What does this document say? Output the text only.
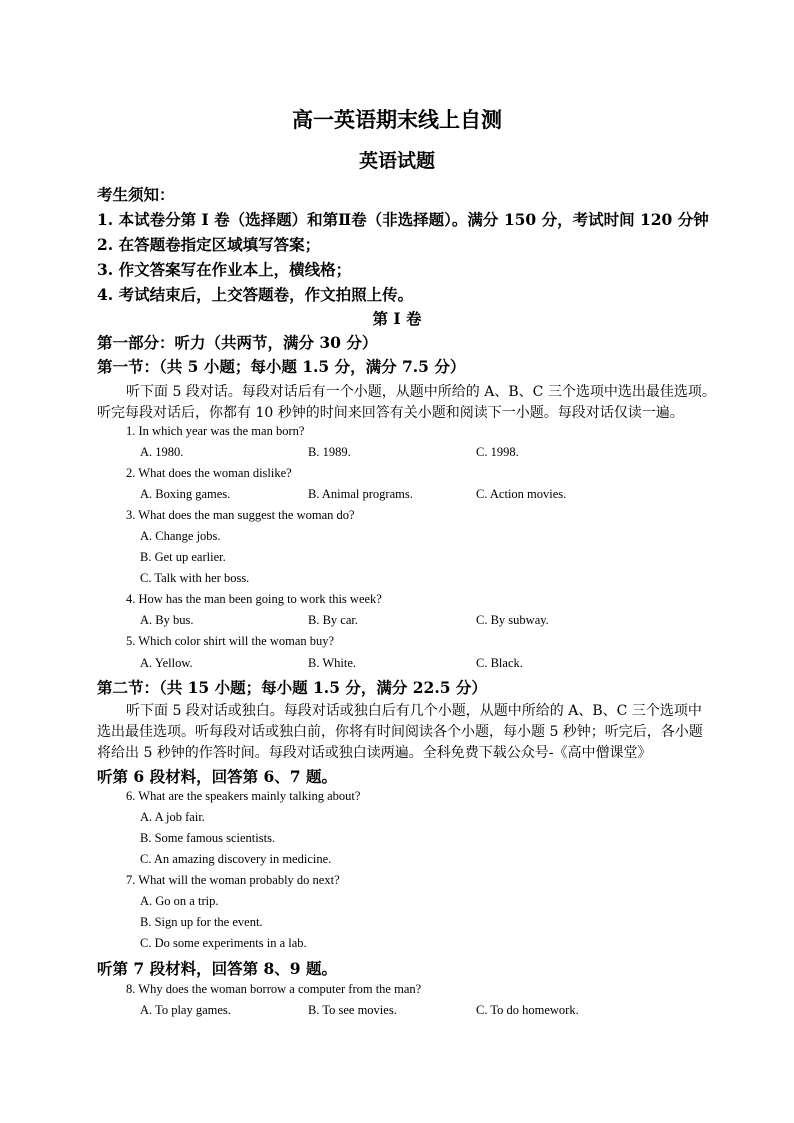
高一英语期末线上自测
英语试题
考生须知：
1. 本试卷分第 I 卷（选择题）和第Ⅱ卷（非选择题）。满分 150 分，考试时间 120 分钟
2. 在答题卷指定区域填写答案；
3. 作文答案写在作业本上，横线格；
4. 考试结束后，上交答题卷，作文拍照上传。
第 I 卷
第一部分：听力（共两节，满分 30 分）
第一节：（共 5 小题；每小题 1.5 分，满分 7.5 分）
听下面 5 段对话。每段对话后有一个小题，从题中所给的 A、B、C 三个选项中选出最佳选项。
听完每段对话后，你都有 10 秒钟的时间来回答有关小题和阅读下一小题。每段对话仅读一遍。
1. In which year was the man born?
A. 1980.	B. 1989.	C. 1998.
2. What does the woman dislike?
A. Boxing games.	B. Animal programs.	C. Action movies.
3. What does the man suggest the woman do?
A. Change jobs.
B. Get up earlier.
C. Talk with her boss.
4. How has the man been going to work this week?
A. By bus.	B. By car.	C. By subway.
5. Which color shirt will the woman buy?
A. Yellow.	B. White.	C. Black.
第二节：（共 15 小题；每小题 1.5 分，满分 22.5 分）
听下面 5 段对话或独白。每段对话或独白后有几个小题，从题中所给的 A、B、C 三个选项中
选出最佳选项。听每段对话或独白前，你将有时间阅读各个小题，每小题 5 秒钟；听完后，各小题
将给出 5 秒钟的作答时间。每段对话或独白读两遍。全科免费下载公众号-《高中僧课堂》
听第 6 段材料，回答第 6、7 题。
6. What are the speakers mainly talking about?
A. A job fair.
B. Some famous scientists.
C. An amazing discovery in medicine.
7. What will the woman probably do next?
A. Go on a trip.
B. Sign up for the event.
C. Do some experiments in a lab.
听第 7 段材料，回答第 8、9 题。
8. Why does the woman borrow a computer from the man?
A. To play games.	B. To see movies.	C. To do homework.
